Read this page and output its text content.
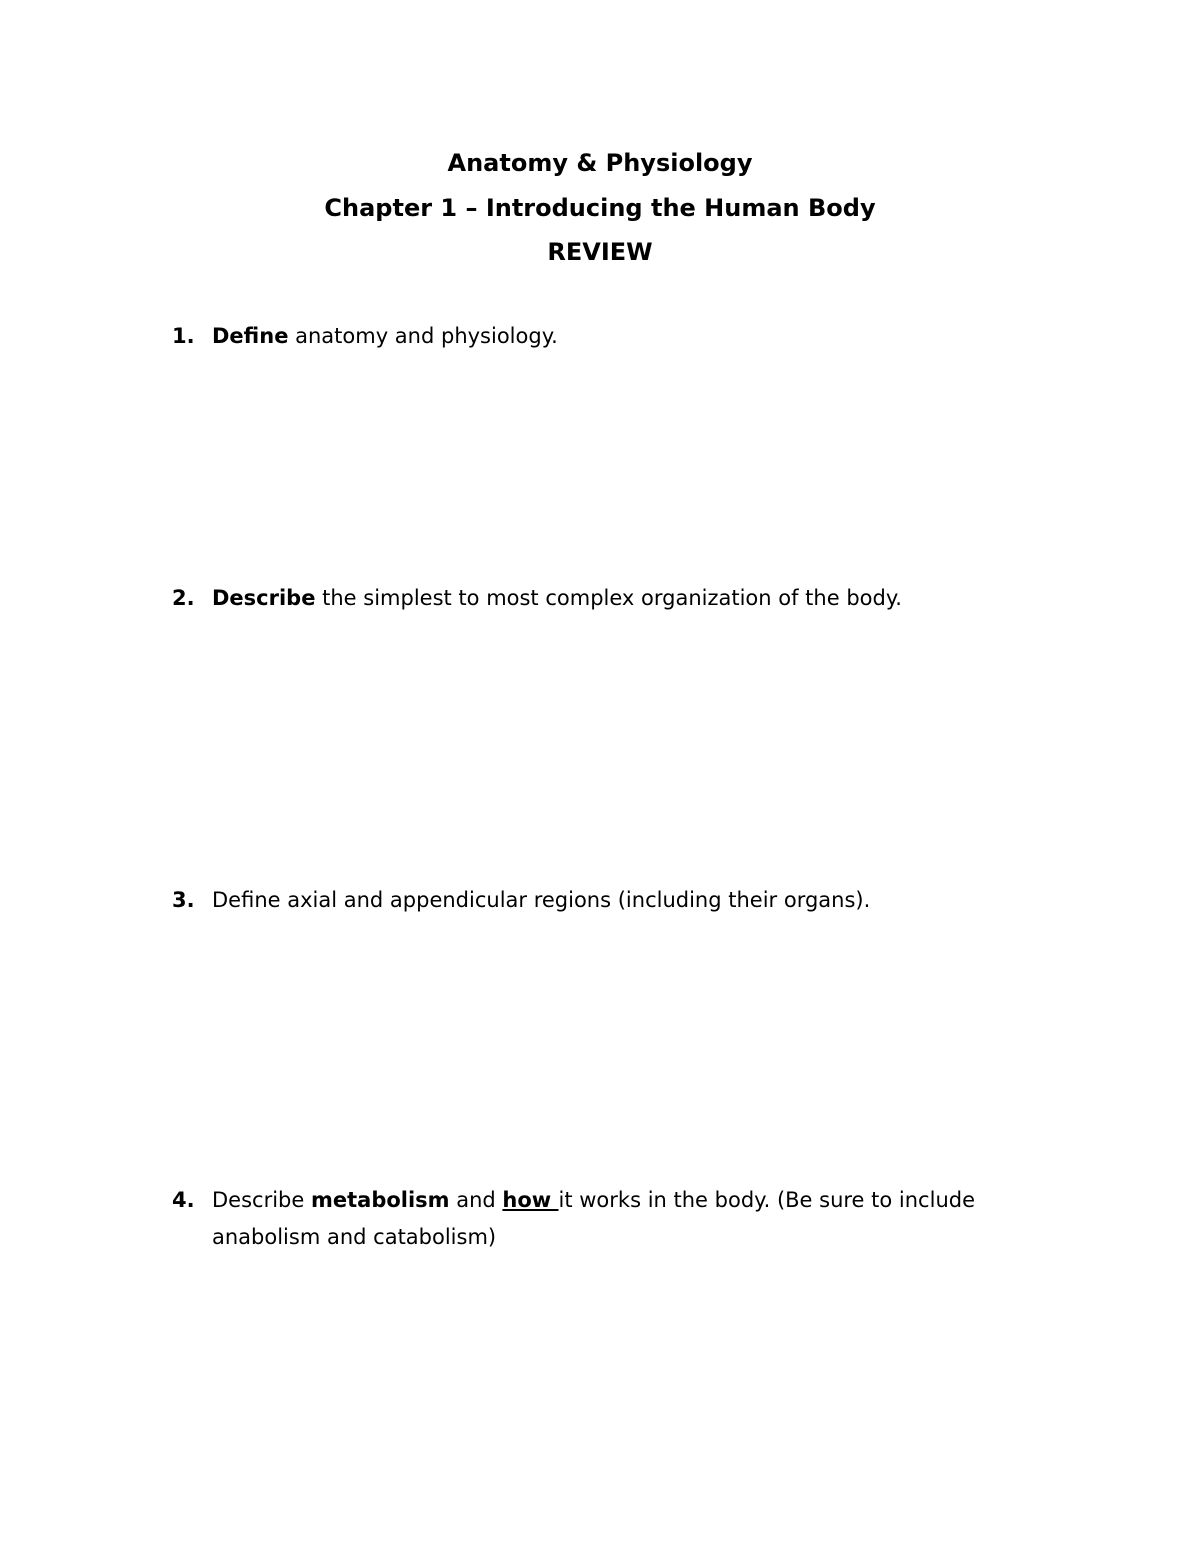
Anatomy & Physiology
Chapter 1 – Introducing the Human Body
REVIEW
1. Define anatomy and physiology.
2. Describe the simplest to most complex organization of the body.
3. Define axial and appendicular regions (including their organs).
4. Describe metabolism and how it works in the body. (Be sure to include anabolism and catabolism)
